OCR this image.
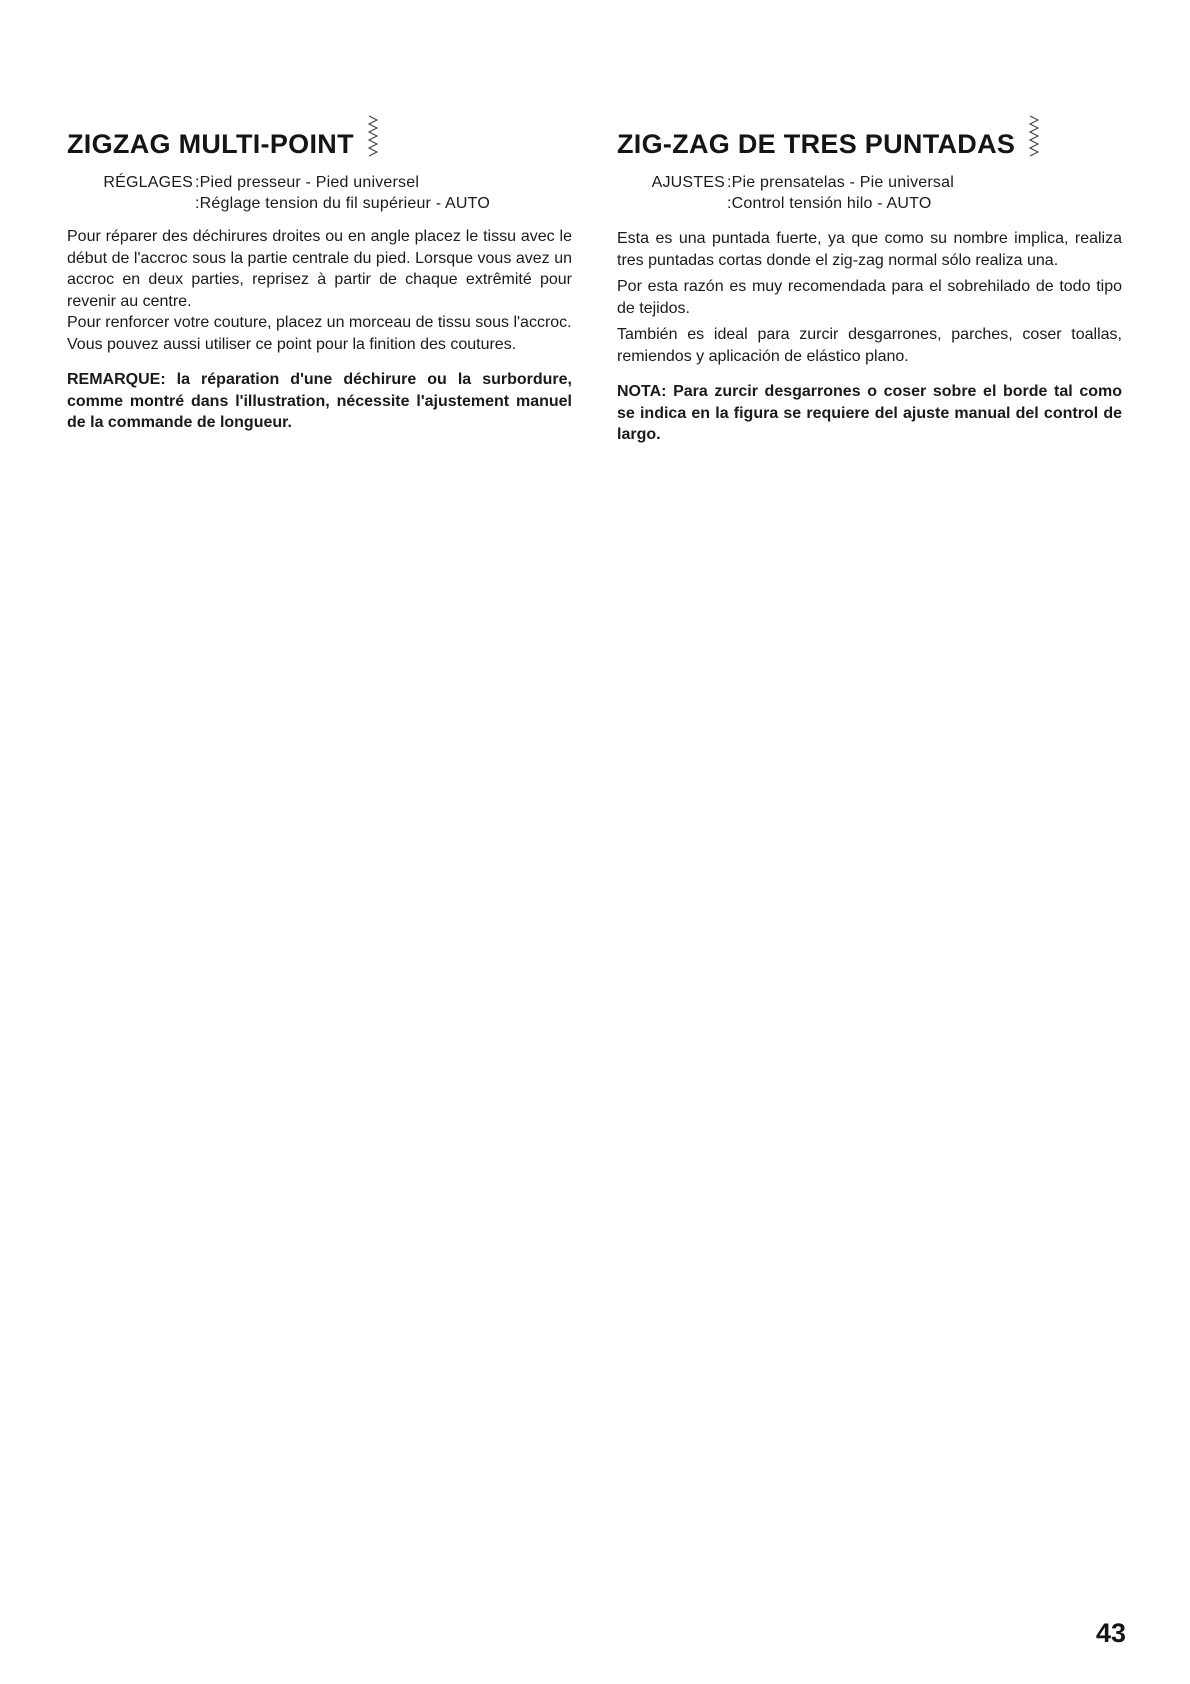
ZIGZAG MULTI-POINT
RÉGLAGES :Pied presseur - Pied universel
:Réglage tension du fil supérieur - AUTO

Pour réparer des déchirures droites ou en angle placez le tissu avec le début de l'accroc sous la partie centrale du pied. Lorsque vous avez un accroc en deux parties, reprisez à partir de chaque extrêmité pour revenir au centre.

Pour renforcer votre couture, placez un morceau de tissu sous l'accroc.

Vous pouvez aussi utiliser ce point pour la finition des coutures.

REMARQUE: la réparation d'une déchirure ou la surbordure, comme montré dans l'illustration, nécessite l'ajustement manuel de la commande de longueur.

ZIG-ZAG DE TRES PUNTADAS
AJUSTES :Pie prensatelas - Pie universal
:Control tensión hilo - AUTO

Esta es una puntada fuerte, ya que como su nombre implica, realiza tres puntadas cortas donde el zig-zag normal sólo realiza una.

Por esta razón es muy recomendada para el sobrehilado de todo tipo de tejidos.

También es ideal para zurcir desgarrones, parches, coser toallas, remiendos y aplicación de elástico plano.

NOTA: Para zurcir desgarrones o coser sobre el borde tal como se indica en la figura se requiere del ajuste manual del control de largo.

43
